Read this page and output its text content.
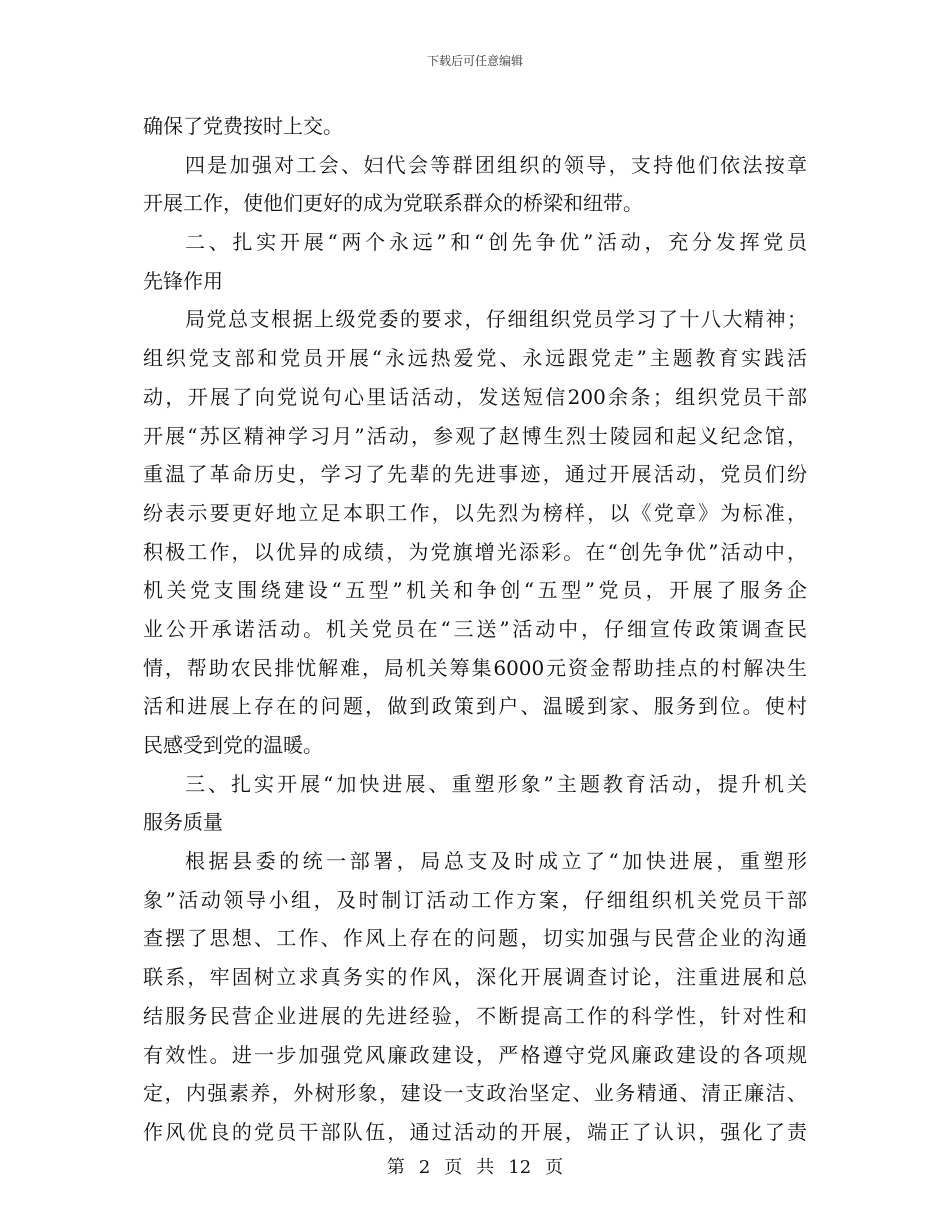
下载后可任意编辑
确保了党费按时上交。
四是加强对工会、妇代会等群团组织的领导，支持他们依法按章
开展工作，使他们更好的成为党联系群众的桥梁和纽带。
二、扎实开展“两个永远”和“创先争优”活动，充分发挥党员
先锋作用
局党总支根据上级党委的要求，仔细组织党员学习了十八大精神；
组织党支部和党员开展“永远热爱党、永远跟党走”主题教育实践活
动，开展了向党说句心里话活动，发送短信200余条；组织党员干部
开展“苏区精神学习月”活动，参观了赵博生烈士陵园和起义纪念馆，
重温了革命历史，学习了先辈的先进事迹，通过开展活动，党员们纷
纷表示要更好地立足本职工作，以先烈为榜样，以《党章》为标准，
积极工作，以优异的成绩，为党旗增光添彩。在“创先争优”活动中，
机关党支围绕建设“五型”机关和争创“五型”党员，开展了服务企
业公开承诺活动。机关党员在“三送”活动中，仔细宣传政策调查民
情，帮助农民排忧解难，局机关筹集6000元资金帮助挂点的村解决生
活和进展上存在的问题，做到政策到户、温暖到家、服务到位。使村
民感受到党的温暖。
三、扎实开展“加快进展、重塑形象”主题教育活动，提升机关
服务质量
根据县委的统一部署，局总支及时成立了“加快进展，重塑形
象”活动领导小组，及时制订活动工作方案，仔细组织机关党员干部
查摆了思想、工作、作风上存在的问题，切实加强与民营企业的沟通
联系，牢固树立求真务实的作风，深化开展调查讨论，注重进展和总
结服务民营企业进展的先进经验，不断提高工作的科学性，针对性和
有效性。进一步加强党风廉政建设，严格遵守党风廉政建设的各项规
定，内强素养，外树形象，建设一支政治坚定、业务精通、清正廉洁、
作风优良的党员干部队伍，通过活动的开展，端正了认识，强化了责
第 2 页 共 12 页
